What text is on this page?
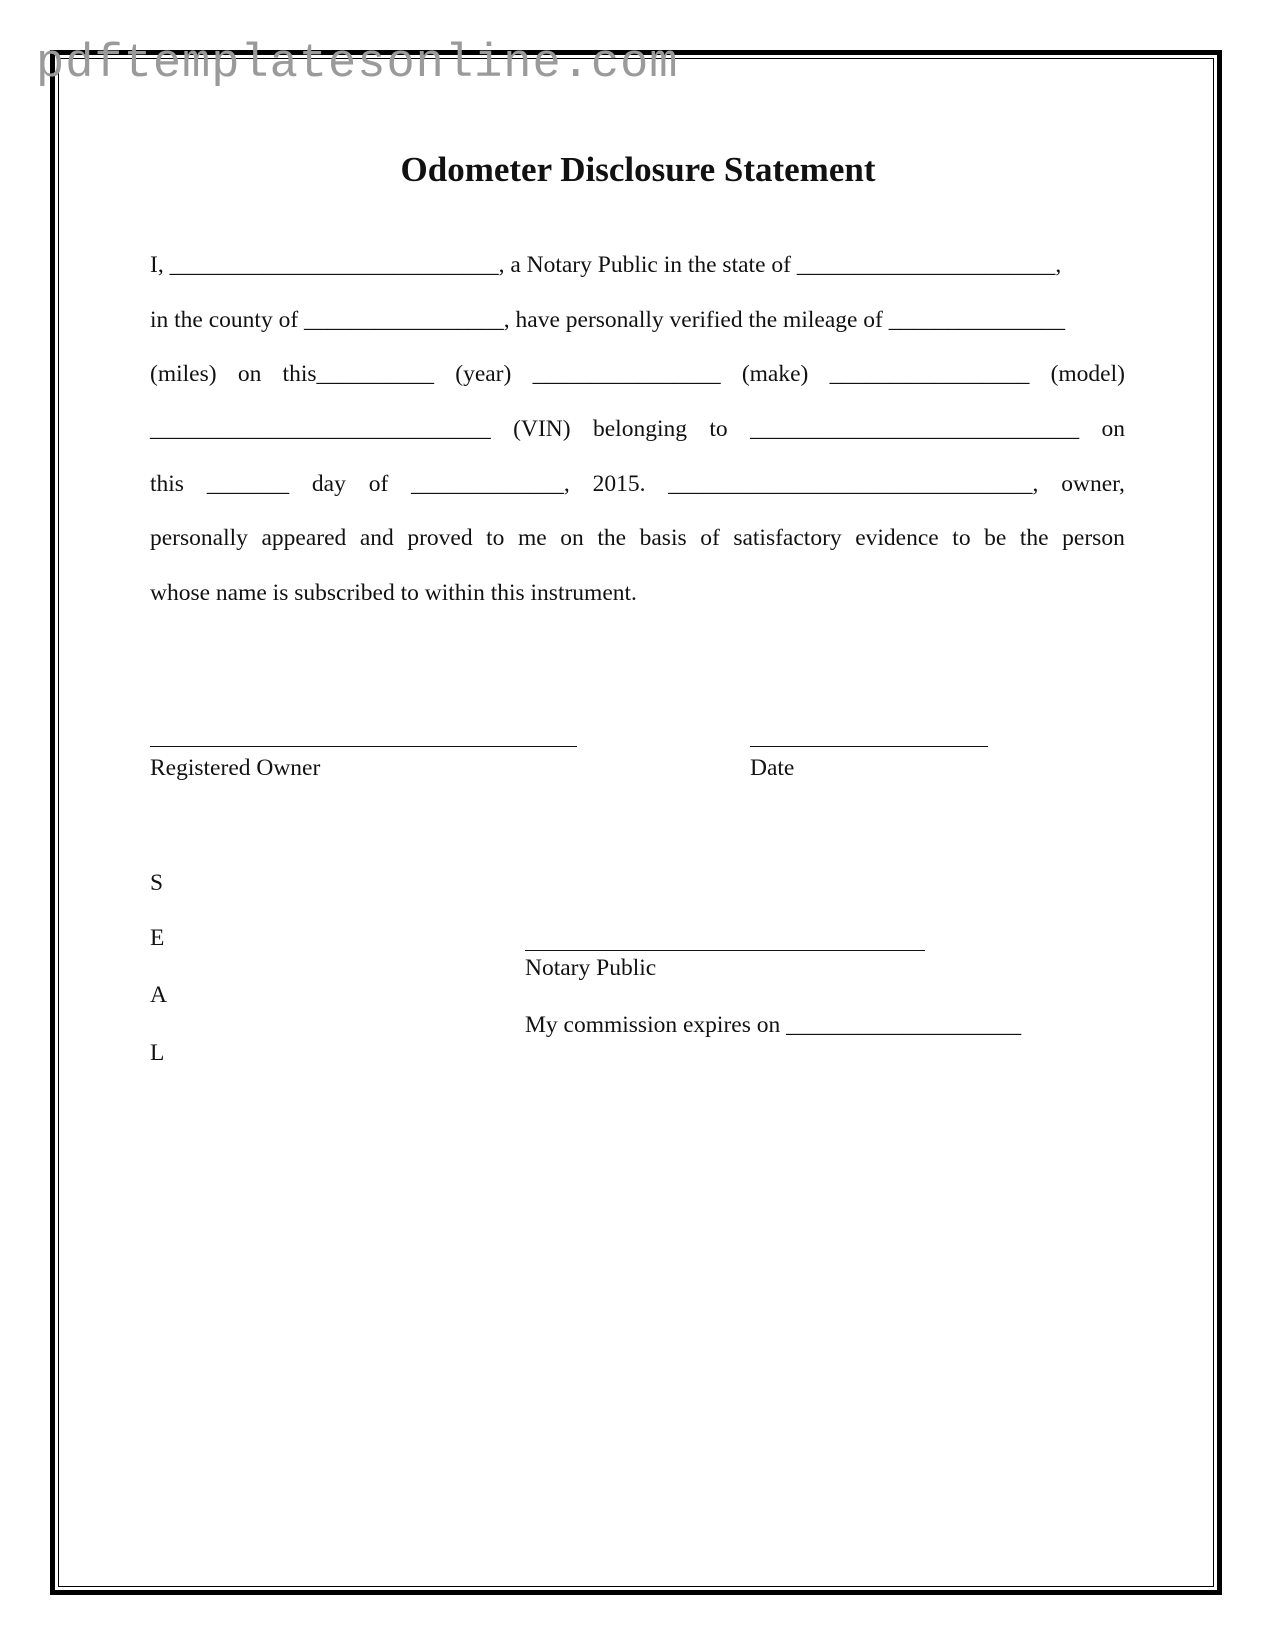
pdftemplatesonline.com
Odometer Disclosure Statement
I, ____________________________, a Notary Public in the state of ______________________,
in the county of _________________, have personally verified the mileage of _______________
(miles) on this__________ (year) ________________ (make) _________________ (model)
_____________________________ (VIN) belonging to ____________________________ on
this _______ day of _____________, 2015. _______________________________, owner,
personally appeared and proved to me on the basis of satisfactory evidence to be the person
whose name is subscribed to within this instrument.
Registered Owner	Date
S
E
A
L
Notary Public
My commission expires on ____________________
